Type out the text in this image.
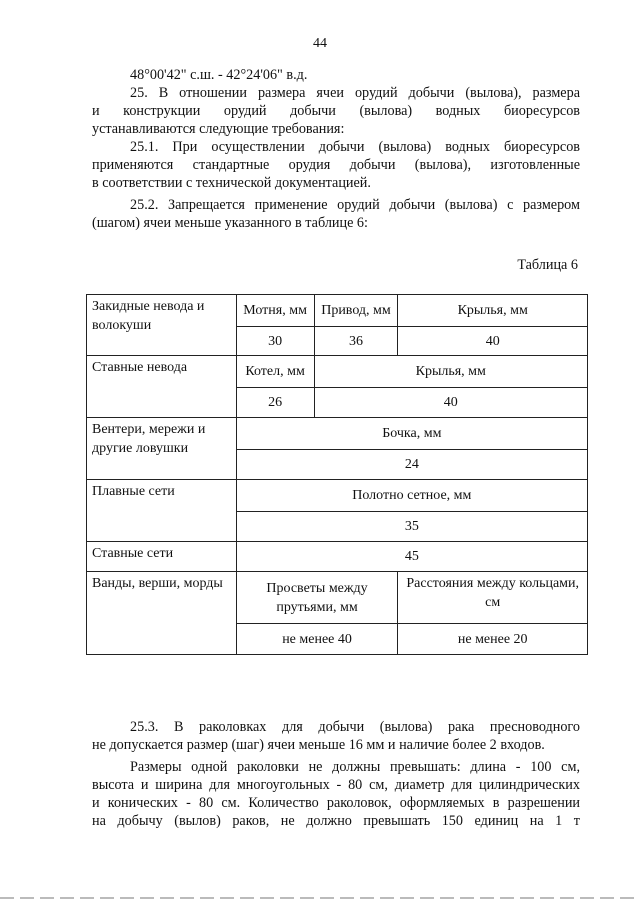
44
48°00'42" с.ш. - 42°24'06" в.д.
25. В отношении размера ячеи орудий добычи (вылова), размера
и конструкции орудий добычи (вылова) водных биоресурсов
устанавливаются следующие требования:
25.1. При осуществлении добычи (вылова) водных биоресурсов
применяются стандартные орудия добычи (вылова), изготовленные
в соответствии с технической документацией.
25.2. Запрещается применение орудий добычи (вылова) с размером
(шагом) ячеи меньше указанного в таблице 6:
Таблица 6
Закидные невода и волокуши	Мотня, мм	Привод, мм	Крылья, мм
	30	36	40
Ставные невода	Котел, мм	Крылья, мм	
	26	40	
Вентери, мережи и другие ловушки	Бочка, мм		
	24		
Плавные сети	Полотно сетное, мм		
	35		
Ставные сети	45		
Ванды, верши, морды	Просветы между прутьями, мм		Расстояния между кольцами, см
	не менее 40		не менее 20
25.3. В раколовках для добычи (вылова) рака пресноводного
не допускается размер (шаг) ячеи меньше 16 мм и наличие более 2 входов.
Размеры одной раколовки не должны превышать: длина - 100 см,
высота и ширина для многоугольных - 80 см, диаметр для цилиндрических
и конических - 80 см. Количество раколовок, оформляемых в разрешении
на добычу (вылов) раков, не должно превышать 150 единиц на 1 т
